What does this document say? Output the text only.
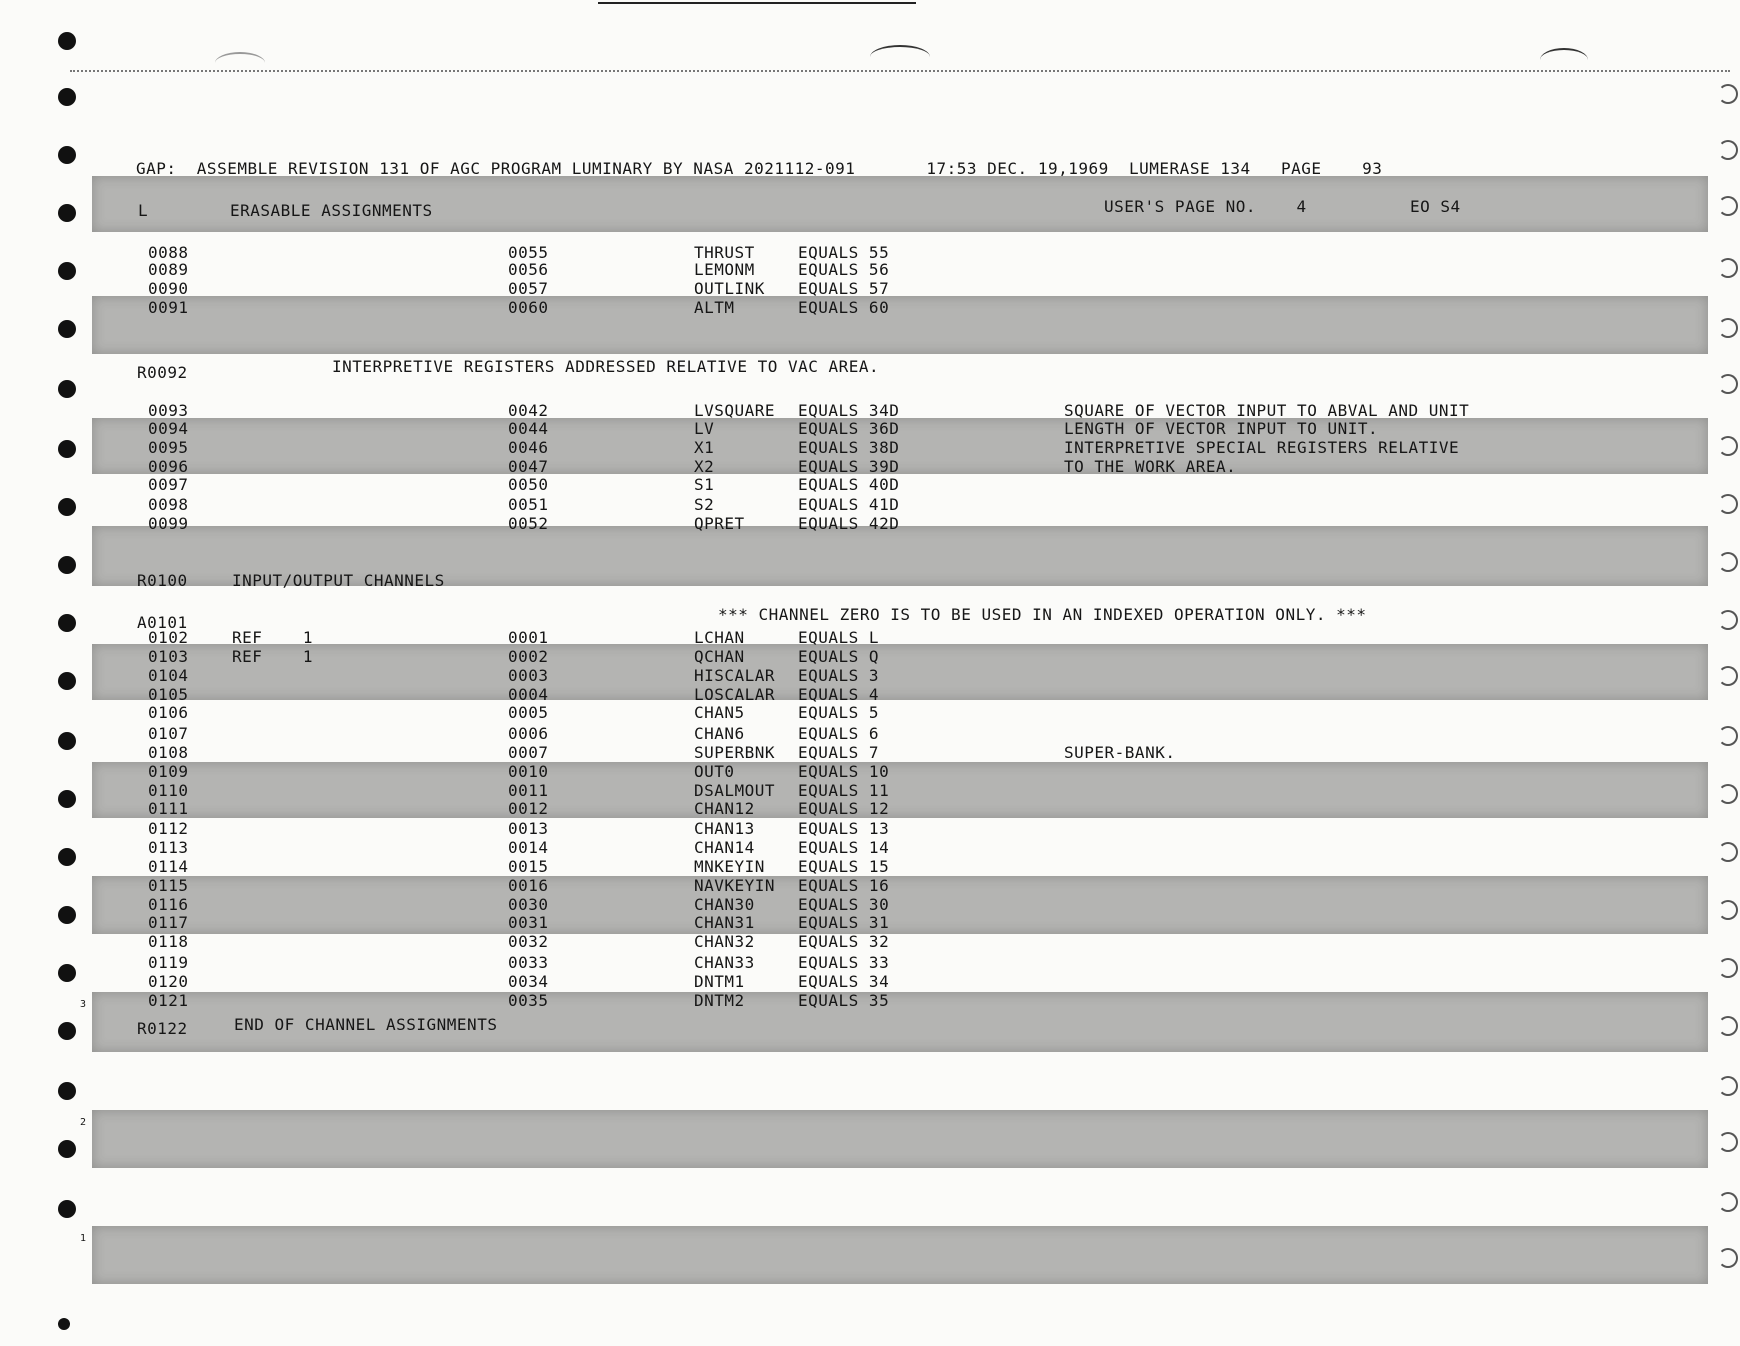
3
2
1
GAP:  ASSEMBLE REVISION 131 OF AGC PROGRAM LUMINARY BY NASA 2021112-091       17:53 DEC. 19,1969  LUMERASE 134   PAGE    93
L	ERASABLE ASSIGNMENTS	USER'S PAGE NO.    4	EO S4
R0092	INTERPRETIVE REGISTERS ADDRESSED RELATIVE TO VAC AREA.
R0100	INPUT/OUTPUT CHANNELS
A0101	*** CHANNEL ZERO IS TO BE USED IN AN INDEXED OPERATION ONLY. ***
R0122	END OF CHANNEL ASSIGNMENTS
0088	0055	THRUST	EQUALS 55
0089	0056	LEMONM	EQUALS 56
0090	0057	OUTLINK EQUALS 57
0091	0060	ALTM	EQUALS 60
0093	0042	LVSQUARE EQUALS 34D	SQUARE OF VECTOR INPUT TO ABVAL AND UNIT
0094	0044	LV	EQUALS 36D	LENGTH OF VECTOR INPUT TO UNIT.
0095	0046	X1	EQUALS 38D	INTERPRETIVE SPECIAL REGISTERS RELATIVE
0096	0047	X2	EQUALS 39D	TO THE WORK AREA.
0097	0050	S1	EQUALS 40D
0098	0051	S2	EQUALS 41D
0099	0052	QPRET	EQUALS 42D
0102	REF    1	0001	LCHAN	EQUALS L
0103	REF    1	0002	QCHAN	EQUALS Q
0104	0003	HISCALAR EQUALS 3
0105	0004	LOSCALAR EQUALS 4
0106	0005	CHAN5	EQUALS 5
0107	0006	CHAN6	EQUALS 6
0108	0007	SUPERBNK EQUALS 7	SUPER-BANK.
0109	0010	OUT0	EQUALS 10
0110	0011	DSALMOUT EQUALS 11
0111	0012	CHAN12	EQUALS 12
0112	0013	CHAN13	EQUALS 13
0113	0014	CHAN14	EQUALS 14
0114	0015	MNKEYIN EQUALS 15
0115	0016	NAVKEYIN EQUALS 16
0116	0030	CHAN30	EQUALS 30
0117	0031	CHAN31	EQUALS 31
0118	0032	CHAN32	EQUALS 32
0119	0033	CHAN33	EQUALS 33
0120	0034	DNTM1	EQUALS 34
0121	0035	DNTM2	EQUALS 35
